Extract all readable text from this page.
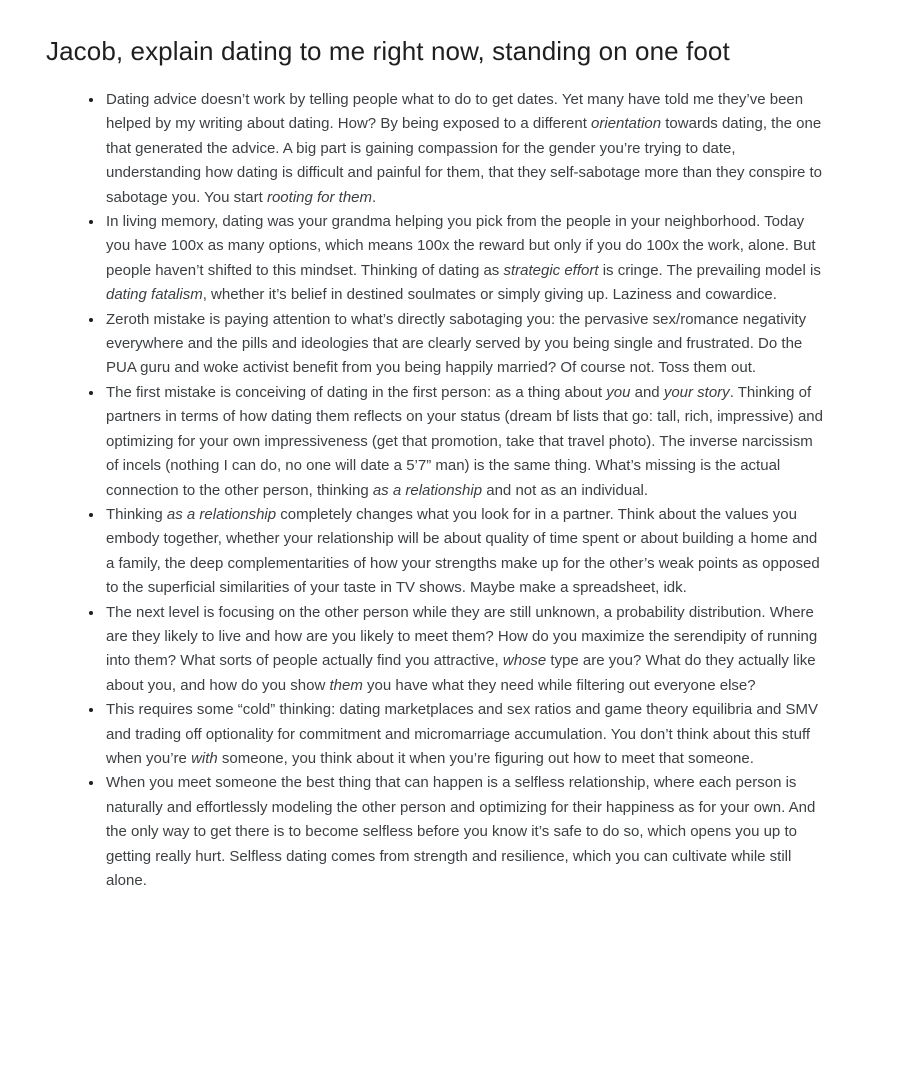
Jacob, explain dating to me right now, standing on one foot
• Dating advice doesn’t work by telling people what to do to get dates. Yet many have told me they’ve been helped by my writing about dating. How? By being exposed to a different orientation towards dating, the one that generated the advice. A big part is gaining compassion for the gender you’re trying to date, understanding how dating is difficult and painful for them, that they self-sabotage more than they conspire to sabotage you. You start rooting for them.
• In living memory, dating was your grandma helping you pick from the people in your neighborhood. Today you have 100x as many options, which means 100x the reward but only if you do 100x the work, alone. But people haven’t shifted to this mindset. Thinking of dating as strategic effort is cringe. The prevailing model is dating fatalism, whether it’s belief in destined soulmates or simply giving up. Laziness and cowardice.
• Zeroth mistake is paying attention to what’s directly sabotaging you: the pervasive sex/romance negativity everywhere and the pills and ideologies that are clearly served by you being single and frustrated. Do the PUA guru and woke activist benefit from you being happily married? Of course not. Toss them out.
• The first mistake is conceiving of dating in the first person: as a thing about you and your story. Thinking of partners in terms of how dating them reflects on your status (dream bf lists that go: tall, rich, impressive) and optimizing for your own impressiveness (get that promotion, take that travel photo). The inverse narcissism of incels (nothing I can do, no one will date a 5’7” man) is the same thing. What’s missing is the actual connection to the other person, thinking as a relationship and not as an individual.
• Thinking as a relationship completely changes what you look for in a partner. Think about the values you embody together, whether your relationship will be about quality of time spent or about building a home and a family, the deep complementarities of how your strengths make up for the other’s weak points as opposed to the superficial similarities of your taste in TV shows. Maybe make a spreadsheet, idk.
• The next level is focusing on the other person while they are still unknown, a probability distribution. Where are they likely to live and how are you likely to meet them? How do you maximize the serendipity of running into them? What sorts of people actually find you attractive, whose type are you? What do they actually like about you, and how do you show them you have what they need while filtering out everyone else?
• This requires some “cold” thinking: dating marketplaces and sex ratios and game theory equilibria and SMV and trading off optionality for commitment and micromarriage accumulation. You don’t think about this stuff when you’re with someone, you think about it when you’re figuring out how to meet that someone.
• When you meet someone the best thing that can happen is a selfless relationship, where each person is naturally and effortlessly modeling the other person and optimizing for their happiness as for your own. And the only way to get there is to become selfless before you know it’s safe to do so, which opens you up to getting really hurt. Selfless dating comes from strength and resilience, which you can cultivate while still alone.
